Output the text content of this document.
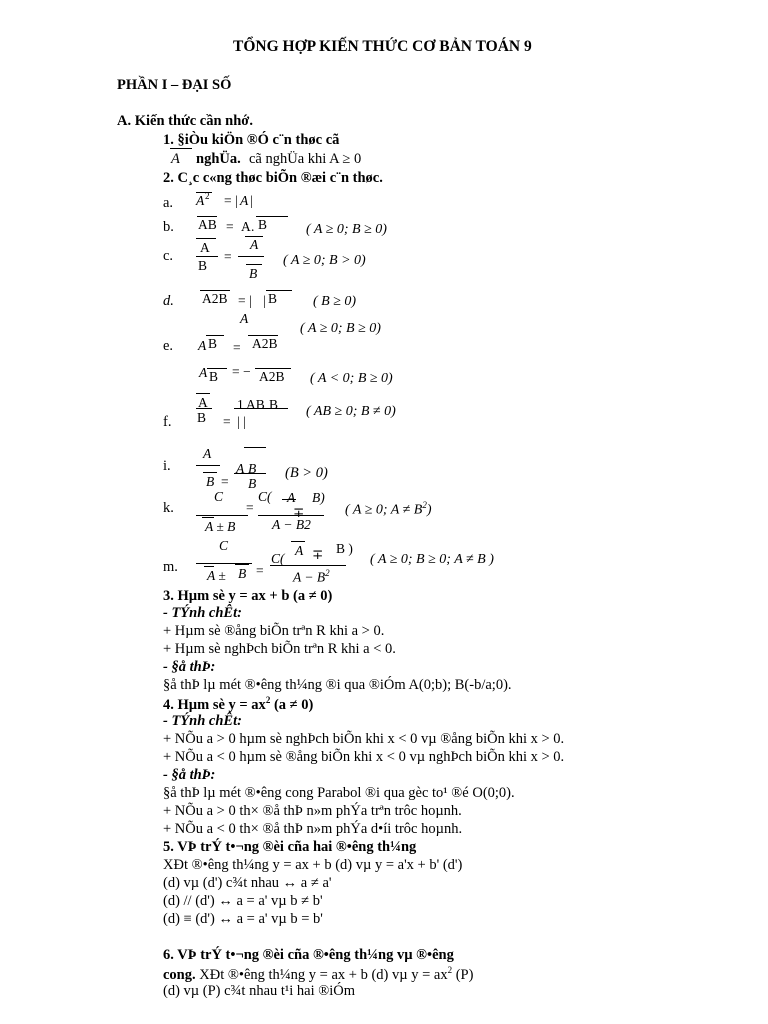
TỔNG HỢP KIẾN THỨC CƠ BẢN TOÁN 9
PHẦN I – ĐẠI SỐ
A. Kiến thức cần nhớ.
1. §iÒu kiÖn ®Ó c¨n thøc cã
A nghÜa. cã nghÜa khi A ≥ 0
2. C¸c c«ng thøc biÕn ®æi c¨n thøc.
a. A 2 = | A |
b. AB = A . B	( A ≥ 0; B ≥ 0)
c.
A
B
=
A
B
( A ≥ 0; B > 0)
d. A2B = | | B
A
( B ≥ 0)
( A ≥ 0; B ≥ 0)
e. A B = A2B
A B = − A2B ( A < 0; B ≥ 0)
A
B
1 AB B ( AB ≥ 0; B ≠ 0)
f.	= | |
i.
A
B =
A B
B
(B > 0)
C	C( A B)
k.	=	∓	( A ≥ 0; $A \ne B^2$)
A ± B	A − B2
C	B )
C(
A ∓	( A ≥ 0; B ≥ 0; A ≠ B )
m.	=
A ± B	$A - B^2$
3. Hµm sè y = ax + b (a ≠ 0)
- TÝnh chÊt:
+ Hµm sè ®ång biÕn trªn R khi a > 0.
+ Hµm sè nghÞch biÕn trªn R khi a < 0.
- §å thÞ:
§å thÞ lµ mét ®•êng th¼ng ®i qua ®iÓm A(0;b); B(-b/a;0).
4. Hµm sè $y = ax^2$ (a ≠ 0)
- TÝnh chÊt:
+ NÕu a > 0 hµm sè nghÞch biÕn khi x < 0 vµ ®ång biÕn khi x > 0.
+ NÕu a < 0 hµm sè ®ång biÕn khi x < 0 vµ nghÞch biÕn khi x > 0.
- §å thÞ:
§å thÞ lµ mét ®•êng cong Parabol ®i qua gèc to¹ ®é O(0;0).
+ NÕu a > 0 th× ®å thÞ n»m phÝa trªn trôc hoµnh.
+ NÕu a < 0 th× ®å thÞ n»m phÝa d•íi trôc hoµnh.
5. VÞ trÝ t•¬ng ®èi cña hai ®•êng th¼ng
XÐt ®•êng th¼ng y = ax + b (d) vµ y = a'x + b' (d')
(d) vµ (d') c¾t nhau ↔ a ≠ a'
(d) // (d') ↔ a = a' vµ b ≠ b'
(d) ≡ (d') ↔ a = a' vµ b = b'
6. VÞ trÝ t•¬ng ®èi cña ®•êng th¼ng vµ ®•êng
cong. XÐt ®•êng th¼ng y = ax + b (d) vµ $y = ax^2$ (P)
(d) vµ (P) c¾t nhau t¹i hai ®iÓm
